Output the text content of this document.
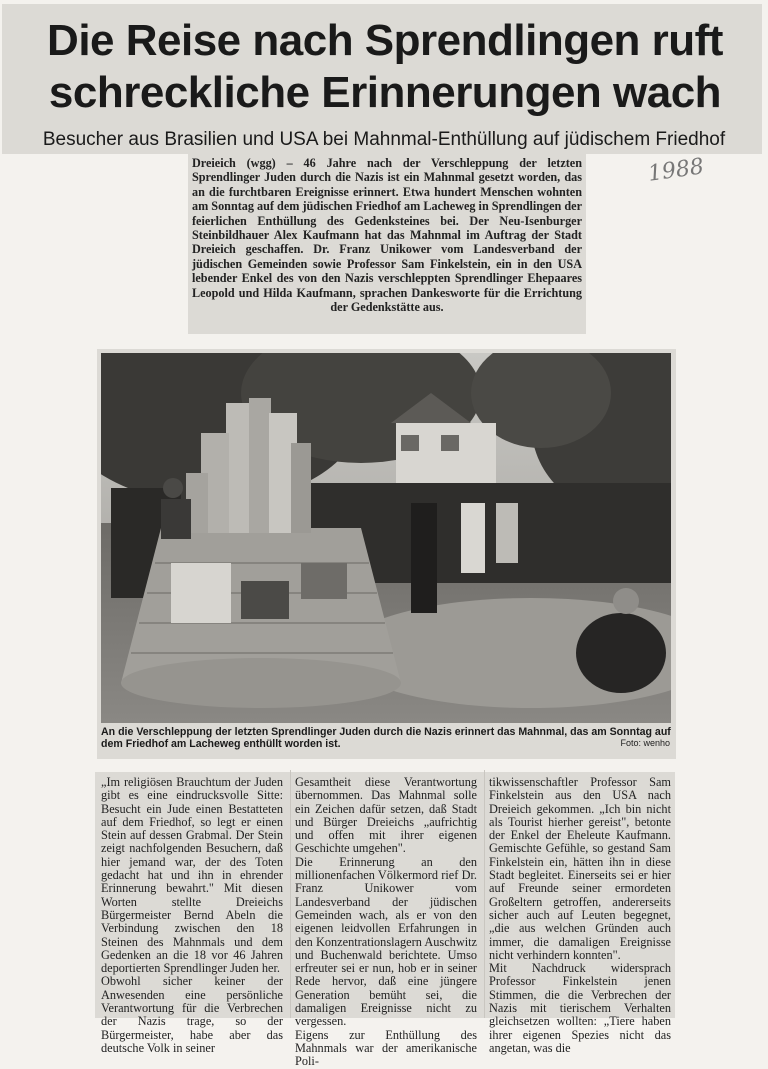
Die Reise nach Sprendlingen ruft
schreckliche Erinnerungen wach
Besucher aus Brasilien und USA bei Mahnmal-Enthüllung auf jüdischem Friedhof
Dreieich (wgg) – 46 Jahre nach der Verschleppung der letzten Sprendlinger Juden durch die Nazis ist ein Mahnmal gesetzt worden, das an die furchtbaren Ereignisse erinnert. Etwa hundert Menschen wohnten am Sonntag auf dem jüdischen Friedhof am Lacheweg in Sprendlingen der feierlichen Enthüllung des Gedenksteines bei. Der Neu-Isenburger Steinbildhauer Alex Kaufmann hat das Mahnmal im Auftrag der Stadt Dreieich geschaffen. Dr. Franz Unikower vom Landesverband der jüdischen Gemeinden sowie Professor Sam Finkelstein, ein in den USA lebender Enkel des von den Nazis verschleppten Sprendlinger Ehepaares Leopold und Hilda Kaufmann, sprachen Dankesworte für die Errichtung der Gedenkstätte aus.
1988
An die Verschleppung der letzten Sprendlinger Juden durch die Nazis erinnert das Mahnmal, das am Sonntag auf dem Friedhof am Lacheweg enthüllt worden ist.	Foto: wenho
„Im religiösen Brauchtum der Juden gibt es eine eindrucksvolle Sitte: Besucht ein Jude einen Bestatteten auf dem Friedhof, so legt er einen Stein auf dessen Grabmal. Der Stein zeigt nachfolgenden Besuchern, daß hier jemand war, der des Toten gedacht hat und ihn in ehrender Erinnerung bewahrt." Mit diesen Worten stellte Dreieichs Bürgermeister Bernd Abeln die Verbindung zwischen den 18 Steinen des Mahnmals und dem Gedenken an die 18 vor 46 Jahren deportierten Sprendlinger Juden her.
Obwohl sicher keiner der Anwesenden eine persönliche Verantwortung für die Verbrechen der Nazis trage, so der Bürgermeister, habe aber das deutsche Volk in seiner
Gesamtheit diese Verantwortung übernommen. Das Mahnmal solle ein Zeichen dafür setzen, daß Stadt und Bürger Dreieichs „aufrichtig und offen mit ihrer eigenen Geschichte umgehen".
Die Erinnerung an den millionenfachen Völkermord rief Dr. Franz Unikower vom Landesverband der jüdischen Gemeinden wach, als er von den eigenen leidvollen Erfahrungen in den Konzentrationslagern Auschwitz und Buchenwald berichtete. Umso erfreuter sei er nun, hob er in seiner Rede hervor, daß eine jüngere Generation bemüht sei, die damaligen Ereignisse nicht zu vergessen.
Eigens zur Enthüllung des Mahnmals war der amerikanische Poli-
tikwissenschaftler Professor Sam Finkelstein aus den USA nach Dreieich gekommen. „Ich bin nicht als Tourist hierher gereist", betonte der Enkel der Eheleute Kaufmann. Gemischte Gefühle, so gestand Sam Finkelstein ein, hätten ihn in diese Stadt begleitet. Einerseits sei er hier auf Freunde seiner ermordeten Großeltern getroffen, andererseits sicher auch auf Leuten begegnet, „die aus welchen Gründen auch immer, die damaligen Ereignisse nicht verhindern konnten".
Mit Nachdruck widersprach Professor Finkelstein jenen Stimmen, die die Verbrechen der Nazis mit tierischem Verhalten gleichsetzen wollten: „Tiere haben ihrer eigenen Spezies nicht das angetan, was die
